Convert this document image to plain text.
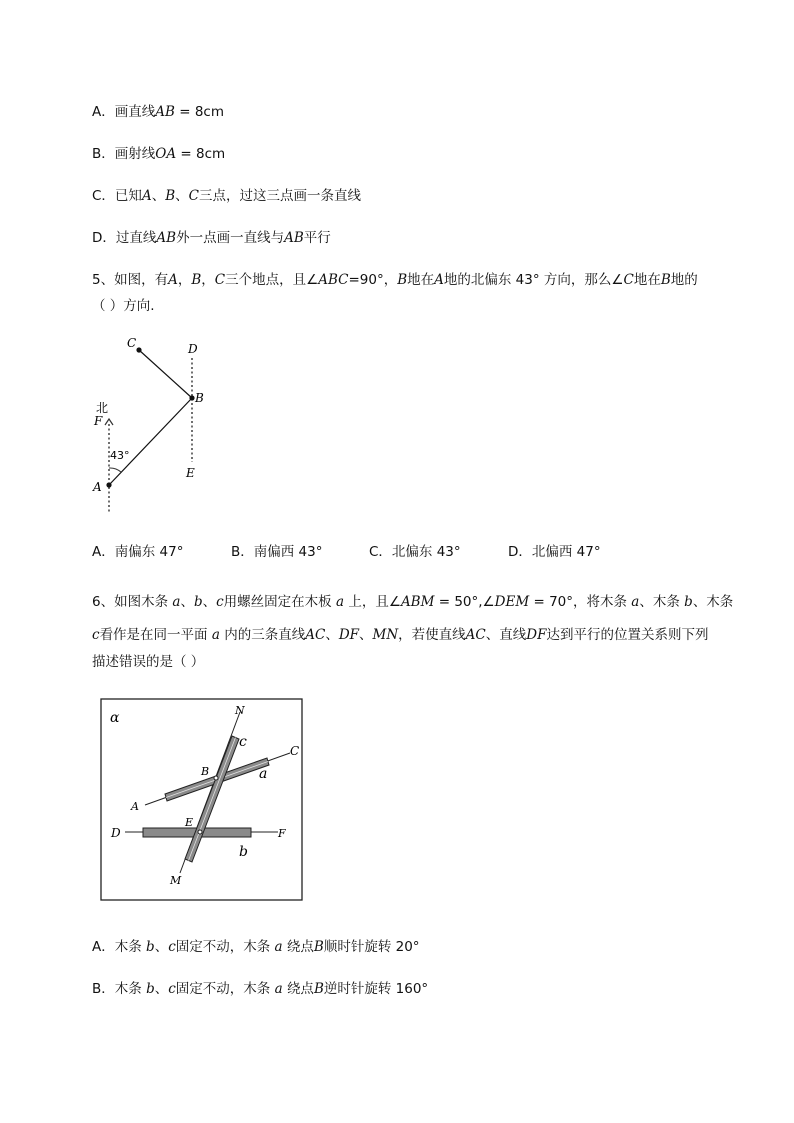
A．画直线AB = 8cm
B．画射线OA = 8cm
C．已知A、B、C三点，过这三点画一条直线
D．过直线AB外一点画一直线与AB平行
5、如图，有A，B，C三个地点，且∠ABC=90°，B地在A地的北偏东 43° 方向，那么∠C地在B地的
（ ）方向.
C	D
B
北
F
43°
E
A
A．南偏东 47°	B．南偏西 43°	C．北偏东 43°	D．北偏西 47°
6、如图木条 a、b、c用螺丝固定在木板 a 上，且∠ABM = 50°,∠DEM = 70°，将木条 a、木条 b、木条
c看作是在同一平面 a 内的三条直线AC、DF、MN，若使直线AC、直线DF达到平行的位置关系则下列
描述错误的是（ ）
α	N
c
C
B	a
A
D
E
F
b
M
A．木条 b、c固定不动，木条 a 绕点B顺时针旋转 20°
B．木条 b、c固定不动，木条 a 绕点B逆时针旋转 160°
